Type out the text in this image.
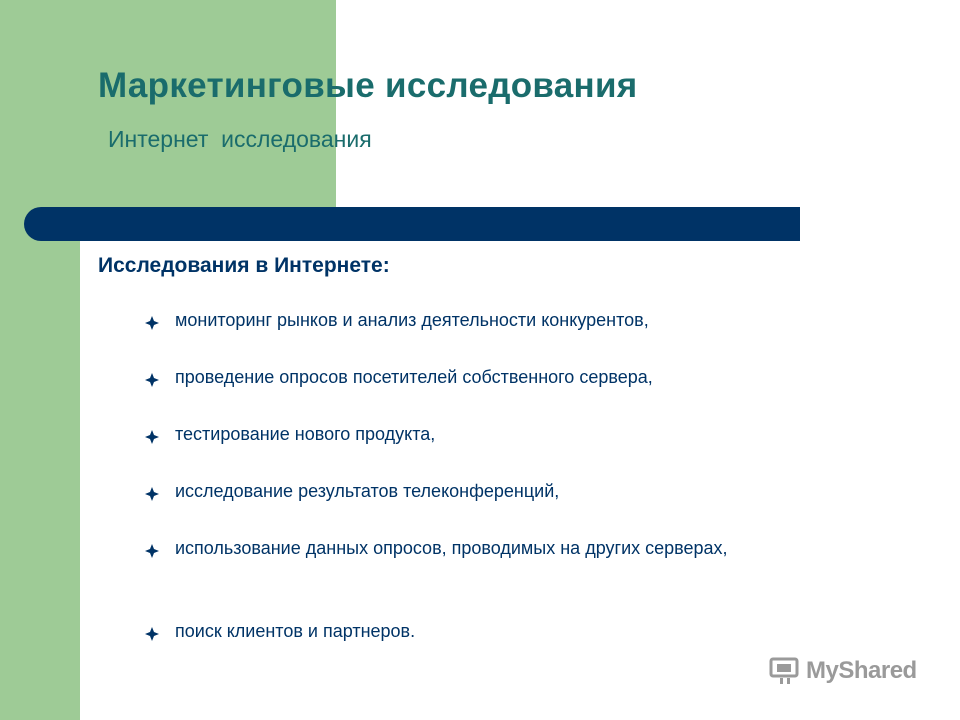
Маркетинговые исследования
Интернет  исследования
Исследования в Интернете:
мониторинг рынков и анализ деятельности конкурентов,
проведение опросов посетителей собственного сервера,
тестирование нового продукта,
исследование результатов телеконференций,
использование данных опросов, проводимых на других серверах,
поиск клиентов и партнеров.
MyShared
